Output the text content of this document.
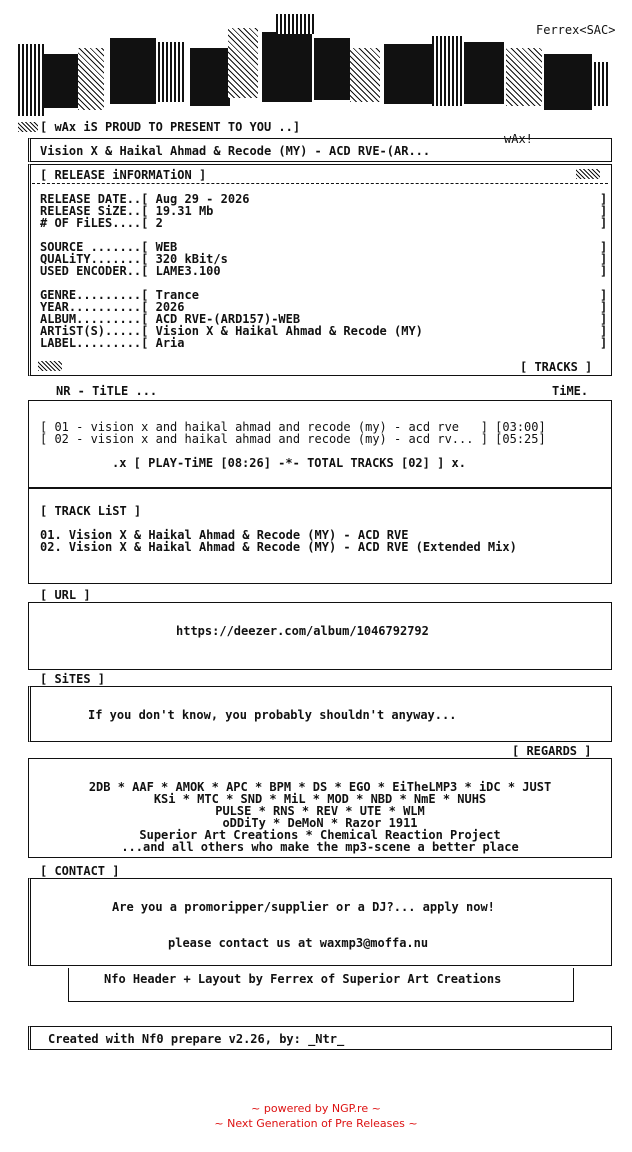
Ferrex<SAC>
[ wAx iS PROUD TO PRESENT TO YOU ..]
wAx!
Vision X & Haikal Ahmad & Recode (MY) - ACD RVE-(AR...
[ RELEASE iNFORMATiON ]
RELEASE DATE..[ Aug 29 - 2026	]
RELEASE SiZE..[ 19.31 Mb	]
# OF FiLES....[ 2	]
SOURCE .......[ WEB	]
QUALiTY.......[ 320 kBit/s	]
USED ENCODER..[ LAME3.100	]
GENRE.........[ Trance	]
YEAR..........[ 2026	]
ALBUM.........[ ACD RVE-(ARD157)-WEB	]
ARTiST(S).....[ Vision X & Haikal Ahmad & Recode (MY)	]
LABEL.........[ Aria	]
[ TRACKS ]
NR - TiTLE ...	TiME.
[ 01 - vision x and haikal ahmad and recode (my) - acd rve   ] [03:00]
[ 02 - vision x and haikal ahmad and recode (my) - acd rv... ] [05:25]
.x [ PLAY-TiME [08:26] -*- TOTAL TRACKS [02] ] x.
[ TRACK LiST ]
01. Vision X & Haikal Ahmad & Recode (MY) - ACD RVE
02. Vision X & Haikal Ahmad & Recode (MY) - ACD RVE (Extended Mix)
[ URL ]
https://deezer.com/album/1046792792
[ SiTES ]
If you don't know, you probably shouldn't anyway...
[ REGARDS ]
2DB * AAF * AMOK * APC * BPM * DS * EGO * EiTheLMP3 * iDC * JUST
KSi * MTC * SND * MiL * MOD * NBD * NmE * NUHS
PULSE * RNS * REV * UTE * WLM
oDDiTy * DeMoN * Razor 1911
Superior Art Creations * Chemical Reaction Project
...and all others who make the mp3-scene a better place
[ CONTACT ]
Are you a promoripper/supplier or a DJ?... apply now!
please contact us at waxmp3@moffa.nu
Nfo Header + Layout by Ferrex of Superior Art Creations
Created with Nf0 prepare v2.26, by: _Ntr_
~ powered by NGP.re ~
~ Next Generation of Pre Releases ~
